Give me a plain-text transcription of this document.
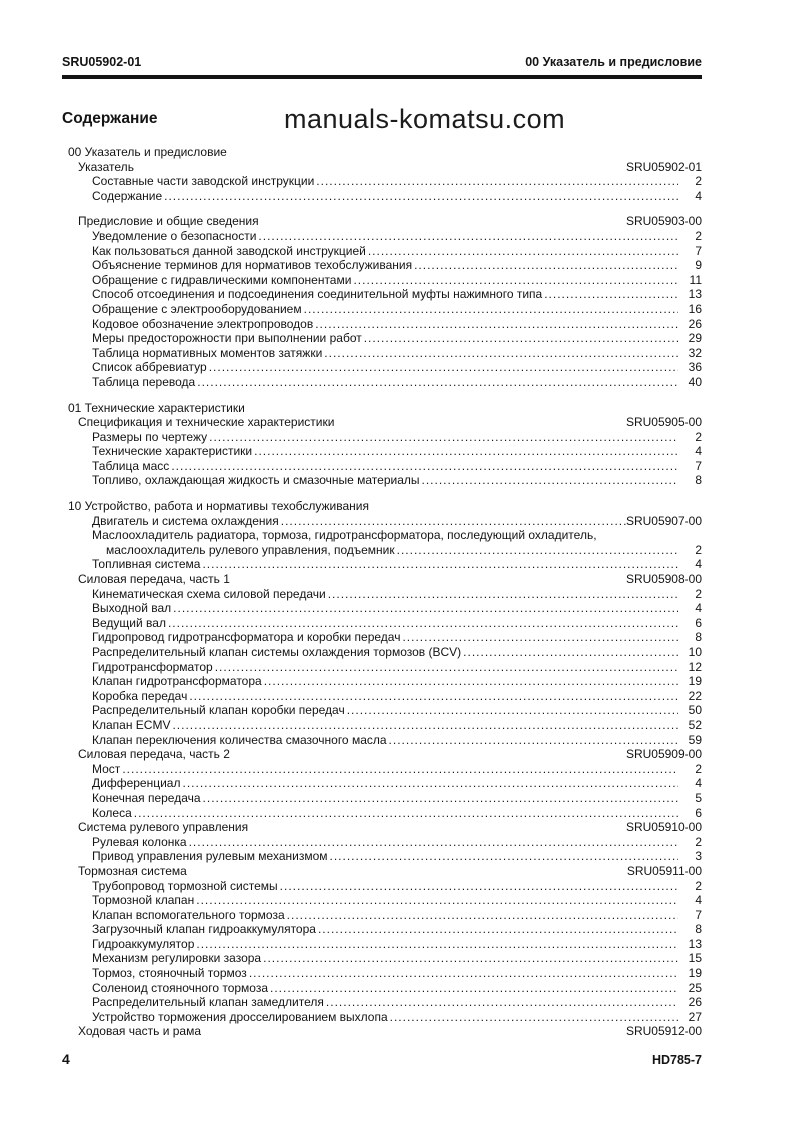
SRU05902-01	00 Указатель и предисловие
Содержание	manuals-komatsu.com
00 Указатель и предисловие
Указатель	SRU05902-01
Составные части заводской инструкции .....	2
Содержание .....	4
Предисловие и общие сведения	SRU05903-00
Уведомление о безопасности .....	2
Как пользоваться данной заводской инструкцией .....	7
Объяснение терминов для нормативов техобслуживания .....	9
Обращение с гидравлическими компонентами .....	11
Способ отсоединения и подсоединения соединительной муфты нажимного типа .....	13
Обращение с электрооборудованием .....	16
Кодовое обозначение электропроводов .....	26
Меры предосторожности при выполнении работ .....	29
Таблица нормативных моментов затяжки .....	32
Список аббревиатур .....	36
Таблица перевода .....	40
01 Технические характеристики
Спецификация и технические характеристики	SRU05905-00
Размеры по чертежу .....	2
Технические характеристики .....	4
Таблица масс .....	7
Топливо, охлаждающая жидкость и смазочные материалы .....	8
10 Устройство, работа и нормативы техобслуживания
Двигатель и система охлаждения .....	SRU05907-00
Маслоохладитель радиатора, тормоза, гидротрансформатора, последующий охладитель,
маслоохладитель рулевого управления, подъемник .....	2
Топливная система .....	4
Силовая передача, часть 1	SRU05908-00
Кинематическая схема силовой передачи .....	2
Выходной вал .....	4
Ведущий вал .....	6
Гидропровод гидротрансформатора и коробки передач .....	8
Распределительный клапан системы охлаждения тормозов (BCV) .....	10
Гидротрансформатор .....	12
Клапан гидротрансформатора .....	19
Коробка передач .....	22
Распределительный клапан коробки передач .....	50
Клапан ECMV .....	52
Клапан переключения количества смазочного масла .....	59
Силовая передача, часть 2	SRU05909-00
Мост .....	2
Дифференциал .....	4
Конечная передача .....	5
Колеса .....	6
Система рулевого управления	SRU05910-00
Рулевая колонка .....	2
Привод управления рулевым механизмом .....	3
Тормозная система	SRU05911-00
Трубопровод тормозной системы .....	2
Тормозной клапан .....	4
Клапан вспомогательного тормоза .....	7
Загрузочный клапан гидроаккумулятора .....	8
Гидроаккумулятор .....	13
Механизм регулировки зазора .....	15
Тормоз, стояночный тормоз .....	19
Соленоид стояночного тормоза .....	25
Распределительный клапан замедлителя .....	26
Устройство торможения дросселированием выхлопа .....	27
Ходовая часть и рама	SRU05912-00
4	HD785-7
